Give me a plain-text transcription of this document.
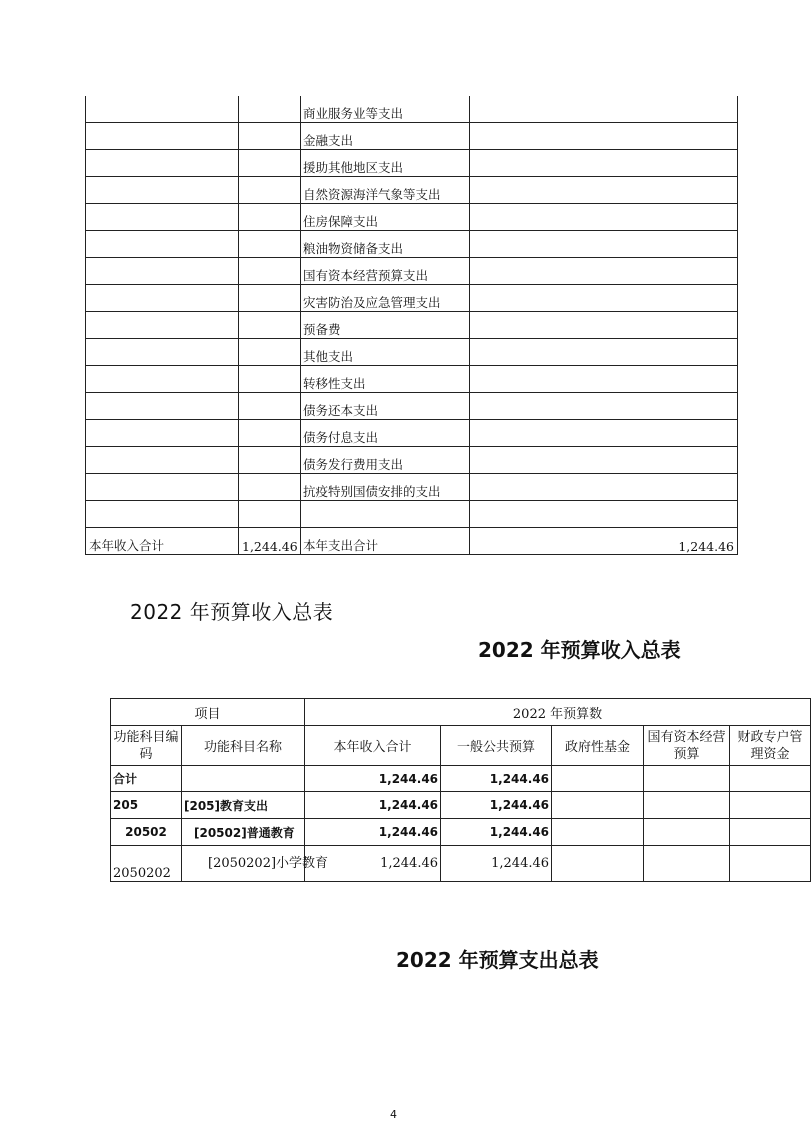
		商业服务业等支出	
		金融支出	
		援助其他地区支出	
		自然资源海洋气象等支出	
		住房保障支出	
		粮油物资储备支出	
		国有资本经营预算支出	
		灾害防治及应急管理支出	
		预备费	
		其他支出	
		转移性支出	
		债务还本支出	
		债务付息支出	
		债务发行费用支出	
		抗疫特别国债安排的支出	

本年收入合计	1,244.46	本年支出合计	1,244.46
2022 年预算收入总表
2022 年预算收入总表
项目		2022 年预算数				
功能科目编码	功能科目名称	本年收入合计	一般公共预算	政府性基金	国有资本经营预算	财政专户管理资金
合计		1,244.46	1,244.46			
205	[205]教育支出	1,244.46	1,244.46			
20502	[20502]普通教育	1,244.46	1,244.46			
2050202	[2050202]小学教育	1,244.46	1,244.46			
2022 年预算支出总表
4
